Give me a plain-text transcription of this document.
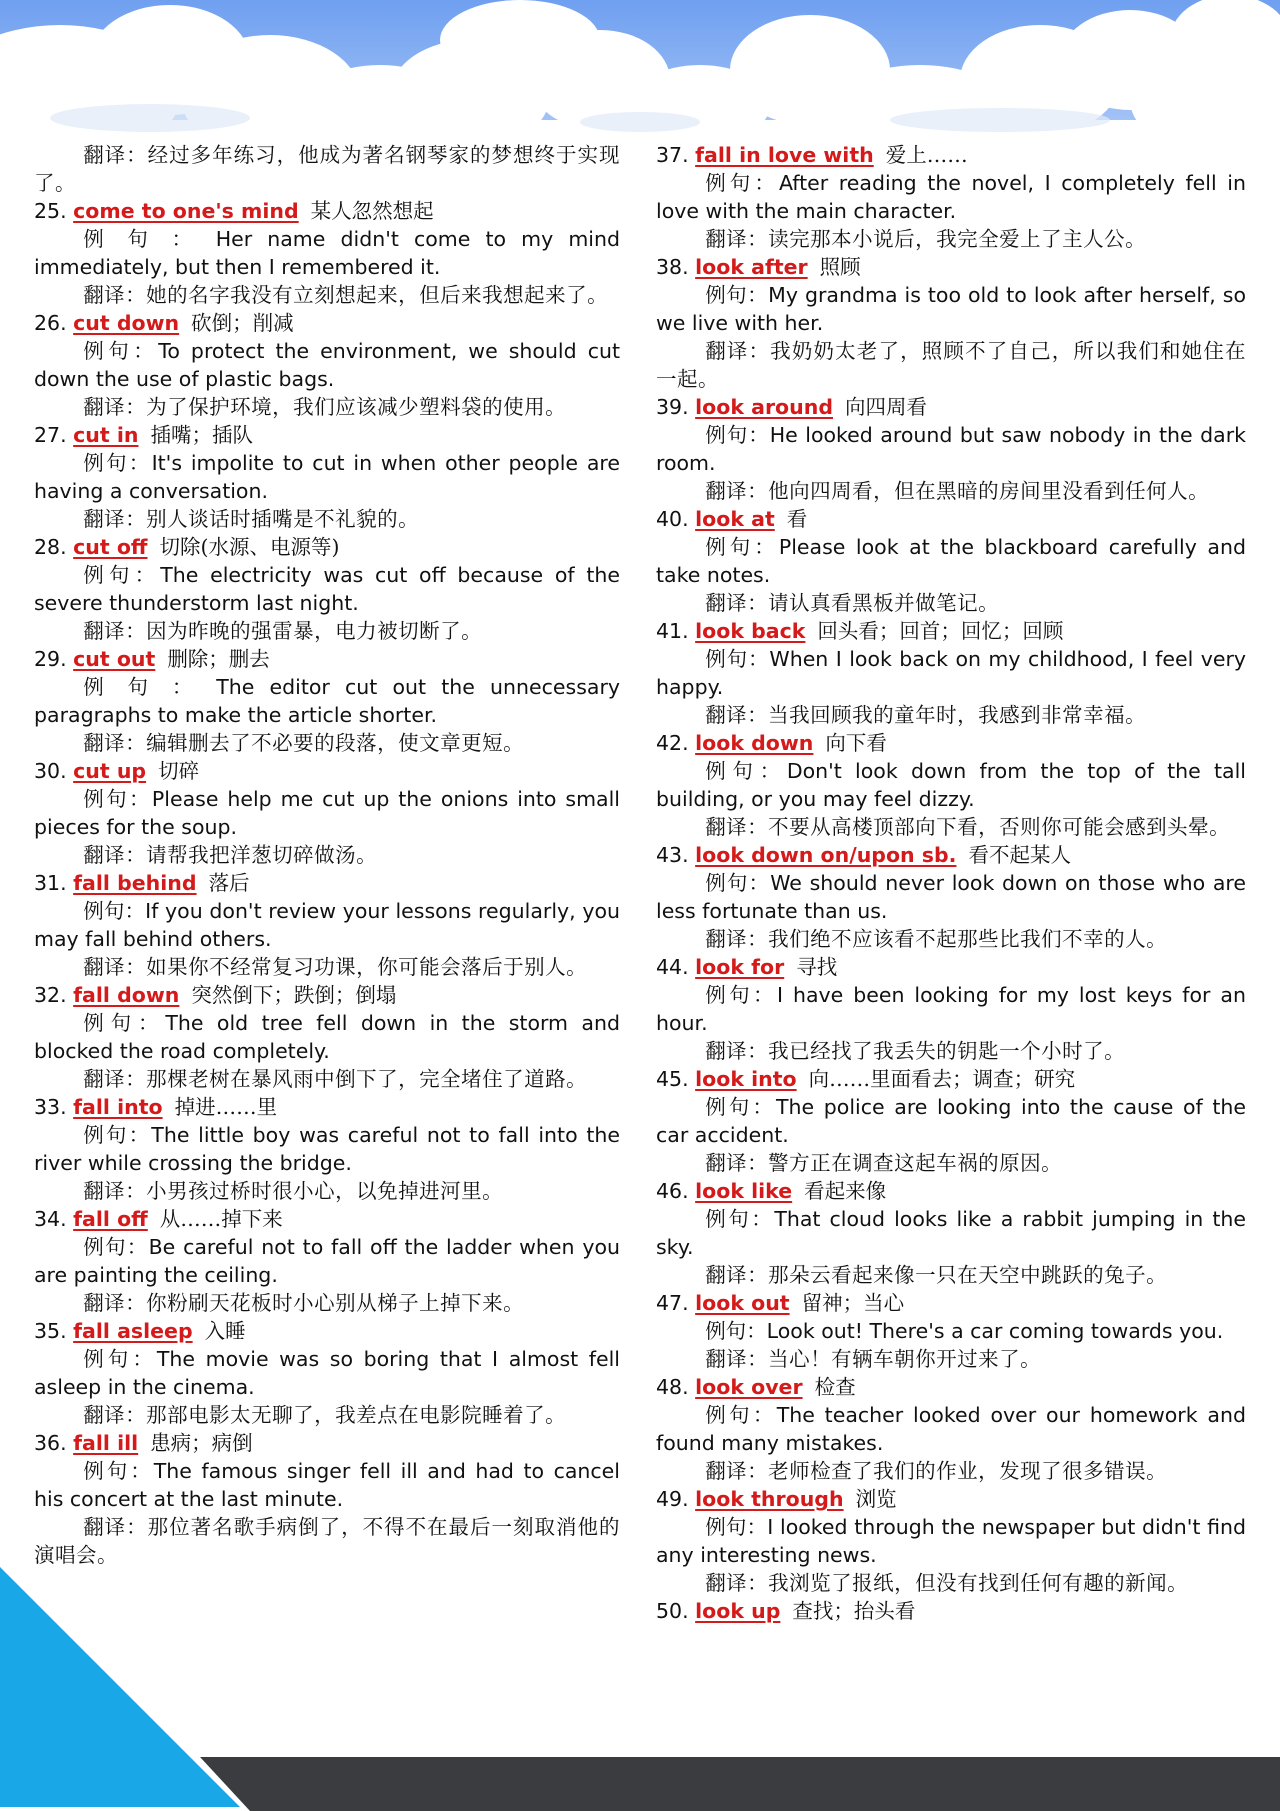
翻译：经过多年练习，他成为著名钢琴家的梦想终于实现了。
25. come to one's mind 某人忽然想起
例 句 ： Her name didn't come to my mind immediately, but then I remembered it.
翻译：她的名字我没有立刻想起来，但后来我想起来了。
26. cut down 砍倒；削减
例句：To protect the environment, we should cut down the use of plastic bags.
翻译：为了保护环境，我们应该减少塑料袋的使用。
27. cut in 插嘴；插队
例句：It's impolite to cut in when other people are having a conversation.
翻译：别人谈话时插嘴是不礼貌的。
28. cut off 切除(水源、电源等)
例句：The electricity was cut off because of the severe thunderstorm last night.
翻译：因为昨晚的强雷暴，电力被切断了。
29. cut out 删除；删去
例 句 ： The editor cut out the unnecessary paragraphs to make the article shorter.
翻译：编辑删去了不必要的段落，使文章更短。
30. cut up 切碎
例句：Please help me cut up the onions into small pieces for the soup.
翻译：请帮我把洋葱切碎做汤。
31. fall behind 落后
例句：If you don't review your lessons regularly, you may fall behind others.
翻译：如果你不经常复习功课，你可能会落后于别人。
32. fall down 突然倒下；跌倒；倒塌
例句：The old tree fell down in the storm and blocked the road completely.
翻译：那棵老树在暴风雨中倒下了，完全堵住了道路。
33. fall into 掉进……里
例句：The little boy was careful not to fall into the river while crossing the bridge.
翻译：小男孩过桥时很小心，以免掉进河里。
34. fall off 从……掉下来
例句：Be careful not to fall off the ladder when you are painting the ceiling.
翻译：你粉刷天花板时小心别从梯子上掉下来。
35. fall asleep 入睡
例句：The movie was so boring that I almost fell asleep in the cinema.
翻译：那部电影太无聊了，我差点在电影院睡着了。
36. fall ill 患病；病倒
例句：The famous singer fell ill and had to cancel his concert at the last minute.
翻译：那位著名歌手病倒了，不得不在最后一刻取消他的演唱会。
37. fall in love with 爱上……
例句：After reading the novel, I completely fell in love with the main character.
翻译：读完那本小说后，我完全爱上了主人公。
38. look after 照顾
例句：My grandma is too old to look after herself, so we live with her.
翻译：我奶奶太老了，照顾不了自己，所以我们和她住在一起。
39. look around 向四周看
例句：He looked around but saw nobody in the dark room.
翻译：他向四周看，但在黑暗的房间里没看到任何人。
40. look at 看
例句：Please look at the blackboard carefully and take notes.
翻译：请认真看黑板并做笔记。
41. look back 回头看；回首；回忆；回顾
例句：When I look back on my childhood, I feel very happy.
翻译：当我回顾我的童年时，我感到非常幸福。
42. look down 向下看
例句：Don't look down from the top of the tall building, or you may feel dizzy.
翻译：不要从高楼顶部向下看，否则你可能会感到头晕。
43. look down on/upon sb. 看不起某人
例句：We should never look down on those who are less fortunate than us.
翻译：我们绝不应该看不起那些比我们不幸的人。
44. look for 寻找
例句：I have been looking for my lost keys for an hour.
翻译：我已经找了我丢失的钥匙一个小时了。
45. look into 向……里面看去；调查；研究
例句：The police are looking into the cause of the car accident.
翻译：警方正在调查这起车祸的原因。
46. look like 看起来像
例句：That cloud looks like a rabbit jumping in the sky.
翻译：那朵云看起来像一只在天空中跳跃的兔子。
47. look out 留神；当心
例句：Look out! There's a car coming towards you.
翻译：当心！有辆车朝你开过来了。
48. look over 检查
例句：The teacher looked over our homework and found many mistakes.
翻译：老师检查了我们的作业，发现了很多错误。
49. look through 浏览
例句：I looked through the newspaper but didn't find any interesting news.
翻译：我浏览了报纸，但没有找到任何有趣的新闻。
50. look up 查找；抬头看
